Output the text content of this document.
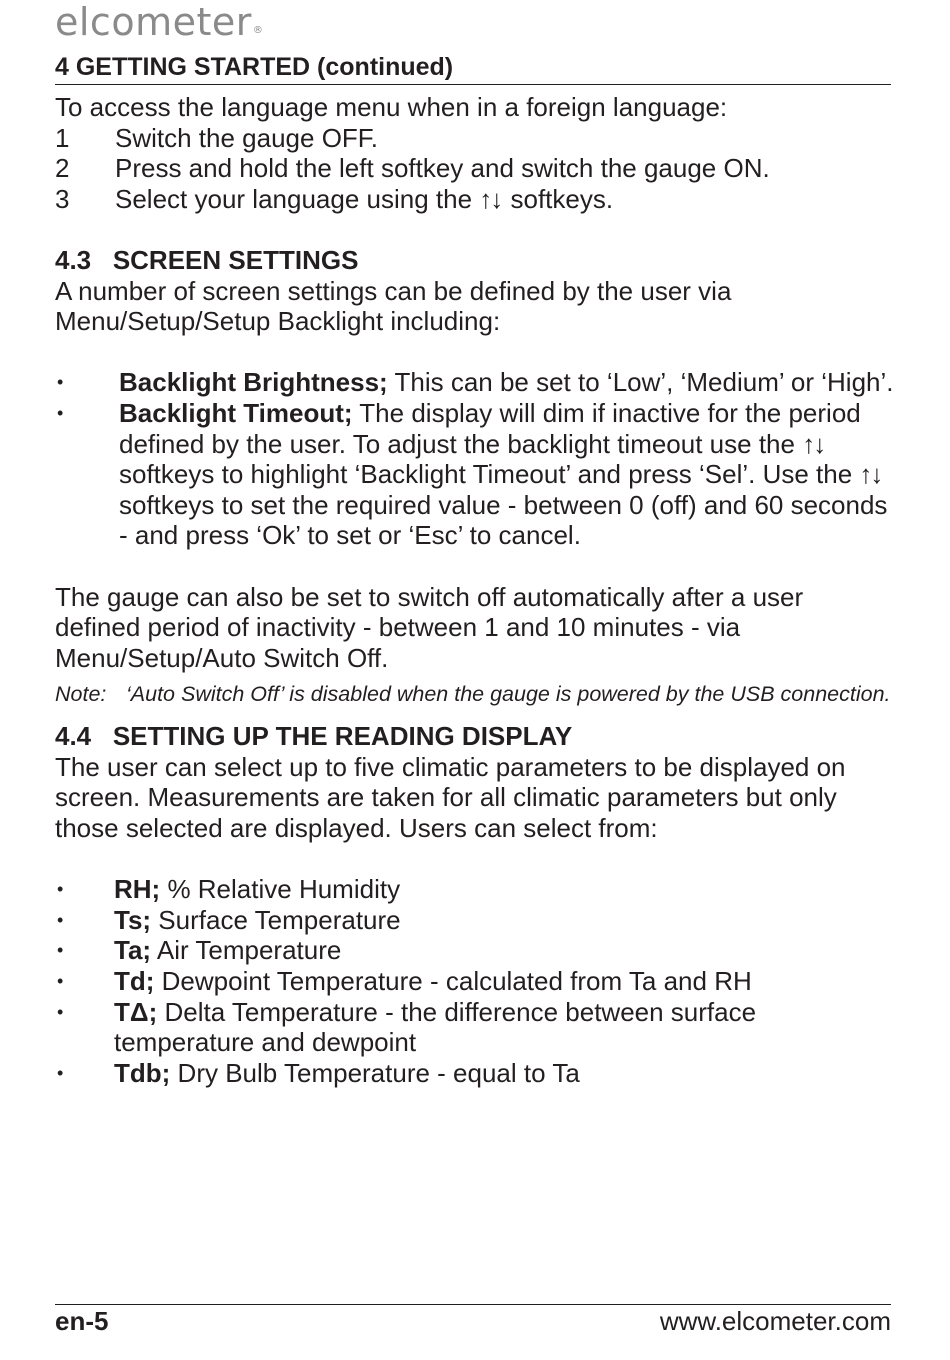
elcometer®
4 GETTING STARTED (continued)

To access the language menu when in a foreign language:

1	Switch the gauge OFF.
2	Press and hold the left softkey and switch the gauge ON.
3	Select your language using the ↑↓ softkeys.

4.3   SCREEN SETTINGS

A number of screen settings can be defined by the user via Menu/Setup/Setup Backlight including:

•	Backlight Brightness; This can be set to ‘Low’, ‘Medium’ or ‘High’.
•	Backlight Timeout; The display will dim if inactive for the period defined by the user. To adjust the backlight timeout use the ↑↓ softkeys to highlight ‘Backlight Timeout’ and press ‘Sel’. Use the ↑↓ softkeys to set the required value - between 0 (off) and 60 seconds - and press ‘Ok’ to set or ‘Esc’ to cancel.

The gauge can also be set to switch off automatically after a user defined period of inactivity - between 1 and 10 minutes - via Menu/Setup/Auto Switch Off.

Note: ‘Auto Switch Off’ is disabled when the gauge is powered by the USB connection.

4.4   SETTING UP THE READING DISPLAY

The user can select up to five climatic parameters to be displayed on screen. Measurements are taken for all climatic parameters but only those selected are displayed. Users can select from:

•	RH; % Relative Humidity
•	Ts; Surface Temperature
•	Ta; Air Temperature
•	Td; Dewpoint Temperature - calculated from Ta and RH
•	TΔ; Delta Temperature - the difference between surface temperature and dewpoint
•	Tdb; Dry Bulb Temperature - equal to Ta
en-5	www.elcometer.com
